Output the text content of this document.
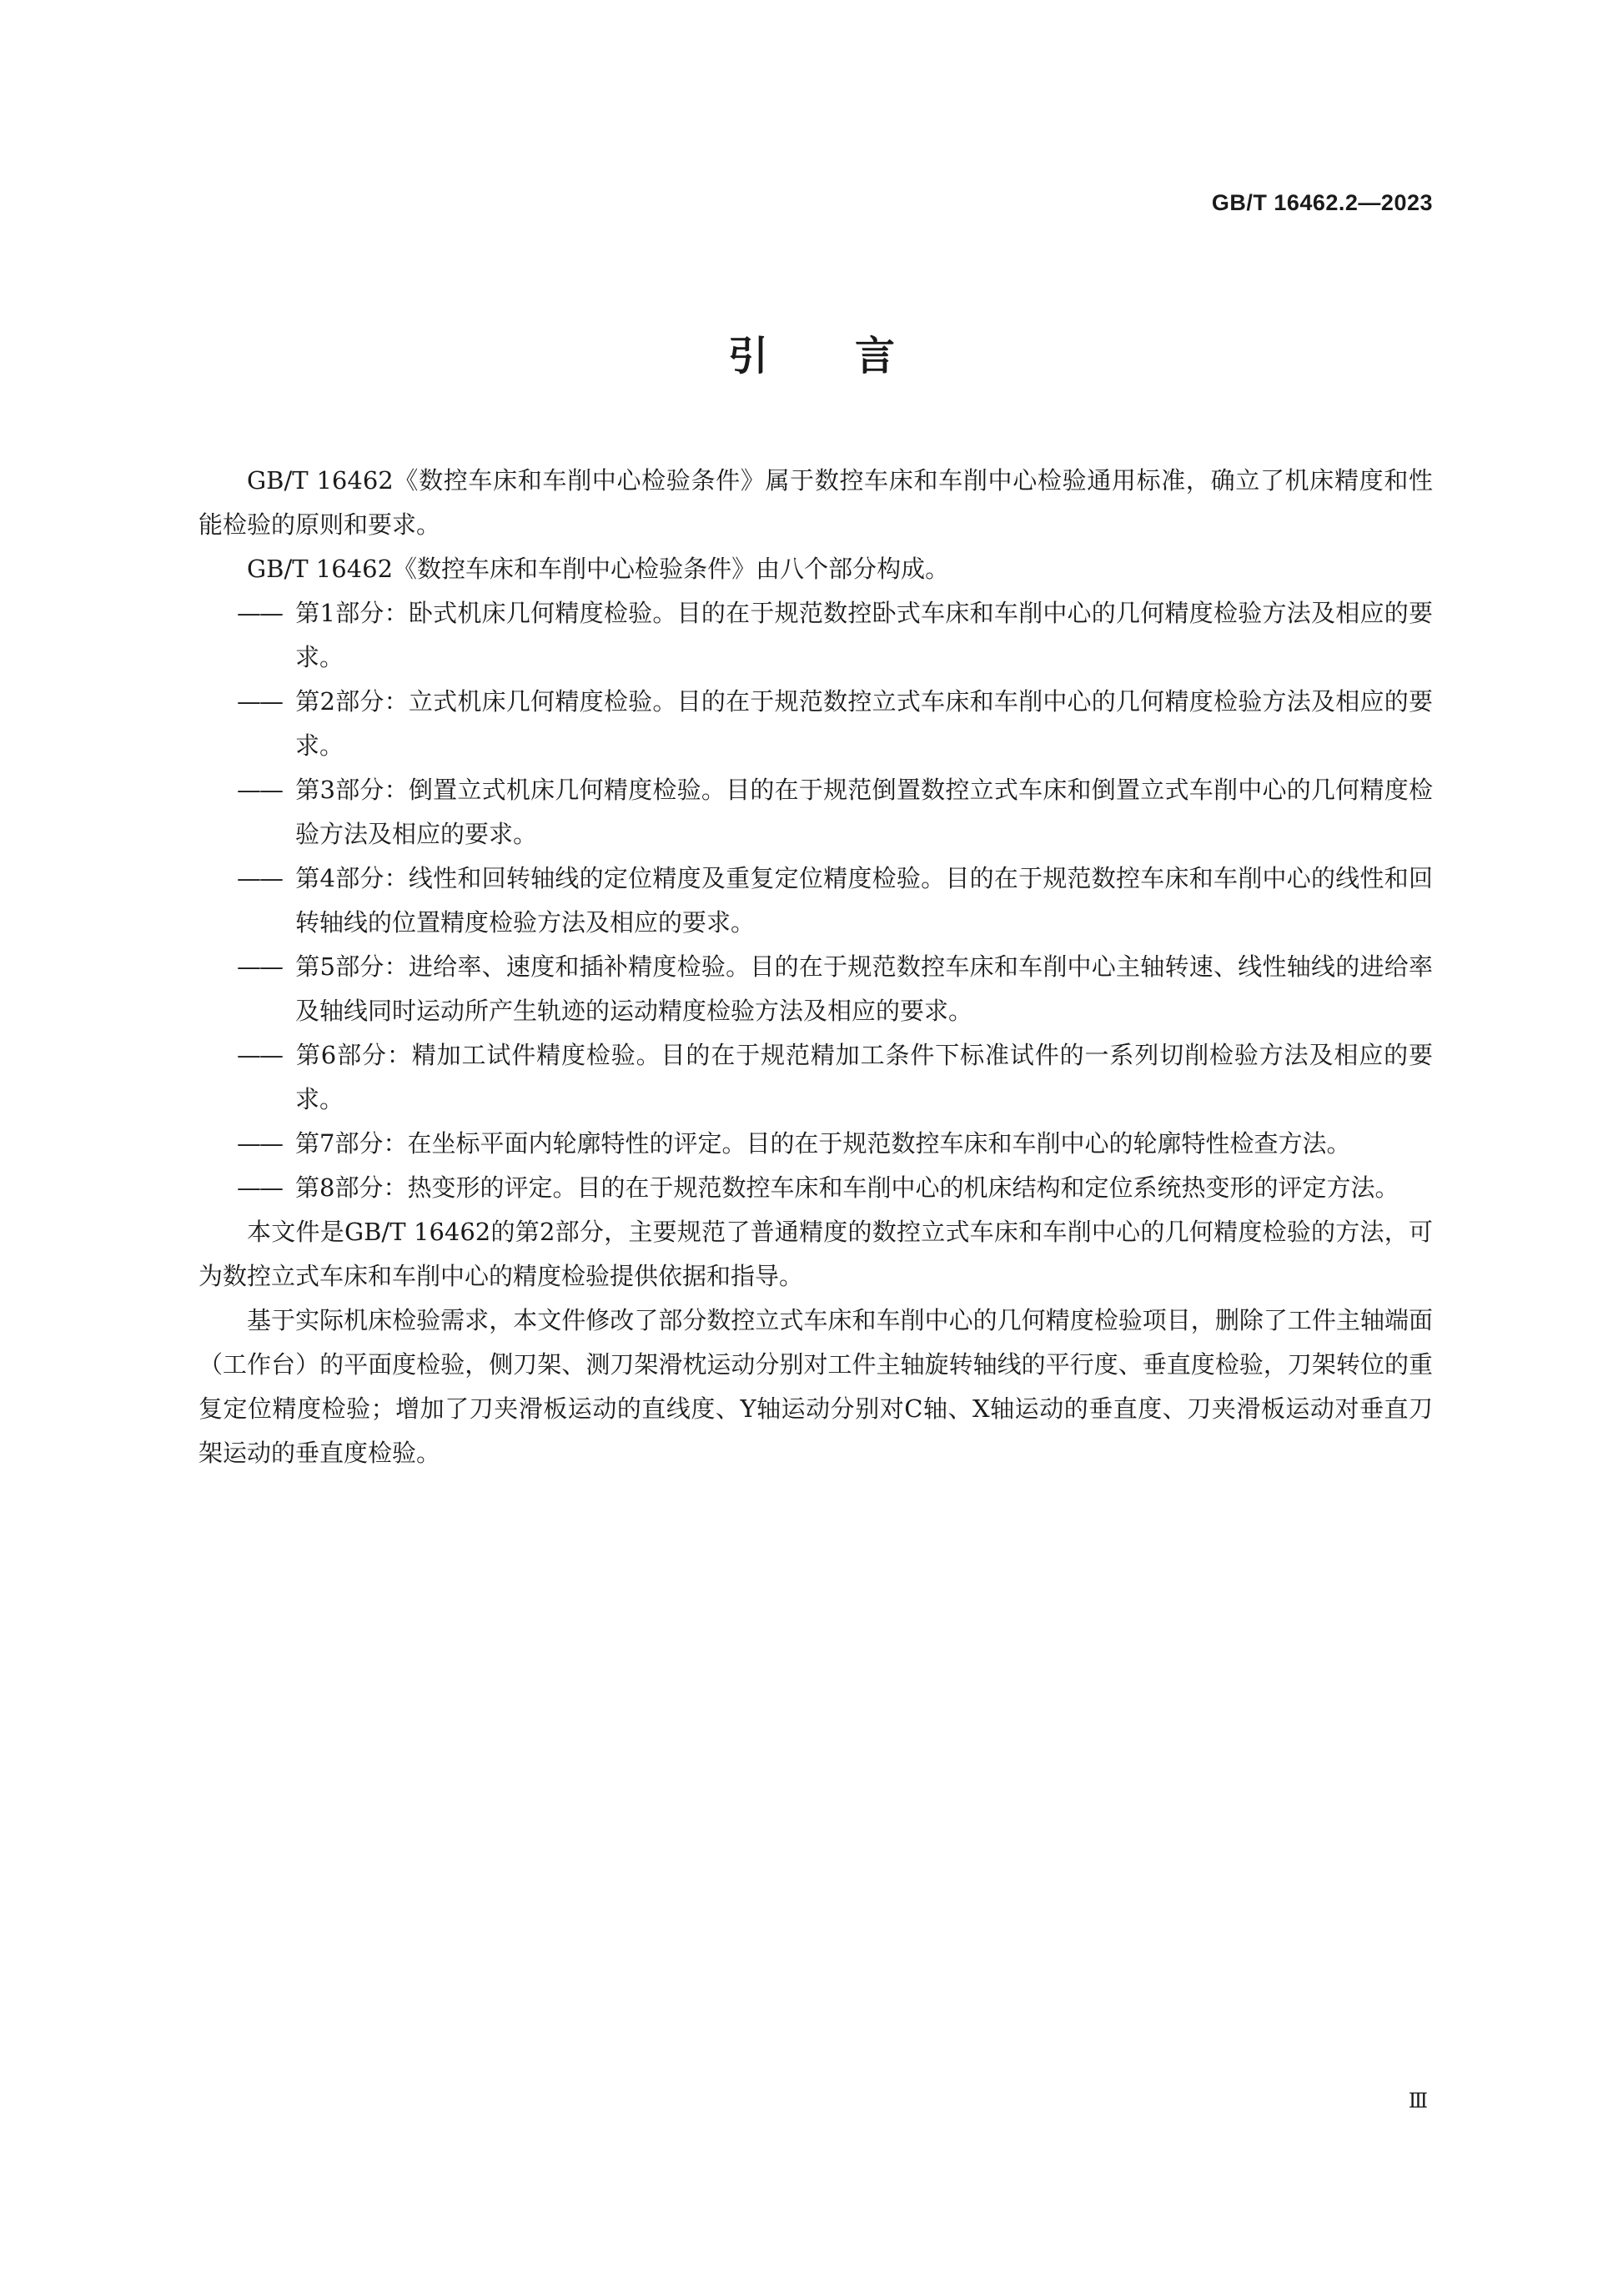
GB/T 16462.2—2023
引言

GB/T 16462《数控车床和车削中心检验条件》属于数控车床和车削中心检验通用标准，确立了机床精度和性能检验的原则和要求。

GB/T 16462《数控车床和车削中心检验条件》由八个部分构成。

—— 第1部分：卧式机床几何精度检验。目的在于规范数控卧式车床和车削中心的几何精度检验方法及相应的要求。
—— 第2部分：立式机床几何精度检验。目的在于规范数控立式车床和车削中心的几何精度检验方法及相应的要求。
—— 第3部分：倒置立式机床几何精度检验。目的在于规范倒置数控立式车床和倒置立式车削中心的几何精度检验方法及相应的要求。
—— 第4部分：线性和回转轴线的定位精度及重复定位精度检验。目的在于规范数控车床和车削中心的线性和回转轴线的位置精度检验方法及相应的要求。
—— 第5部分：进给率、速度和插补精度检验。目的在于规范数控车床和车削中心主轴转速、线性轴线的进给率及轴线同时运动所产生轨迹的运动精度检验方法及相应的要求。
—— 第6部分：精加工试件精度检验。目的在于规范精加工条件下标准试件的一系列切削检验方法及相应的要求。
—— 第7部分：在坐标平面内轮廓特性的评定。目的在于规范数控车床和车削中心的轮廓特性检查方法。
—— 第8部分：热变形的评定。目的在于规范数控车床和车削中心的机床结构和定位系统热变形的评定方法。

本文件是GB/T 16462的第2部分，主要规范了普通精度的数控立式车床和车削中心的几何精度检验的方法，可为数控立式车床和车削中心的精度检验提供依据和指导。

基于实际机床检验需求，本文件修改了部分数控立式车床和车削中心的几何精度检验项目，删除了工件主轴端面（工作台）的平面度检验，侧刀架、测刀架滑枕运动分别对工件主轴旋转轴线的平行度、垂直度检验，刀架转位的重复定位精度检验；增加了刀夹滑板运动的直线度、Y轴运动分别对C轴、X轴运动的垂直度、刀夹滑板运动对垂直刀架运动的垂直度检验。

Ⅲ
